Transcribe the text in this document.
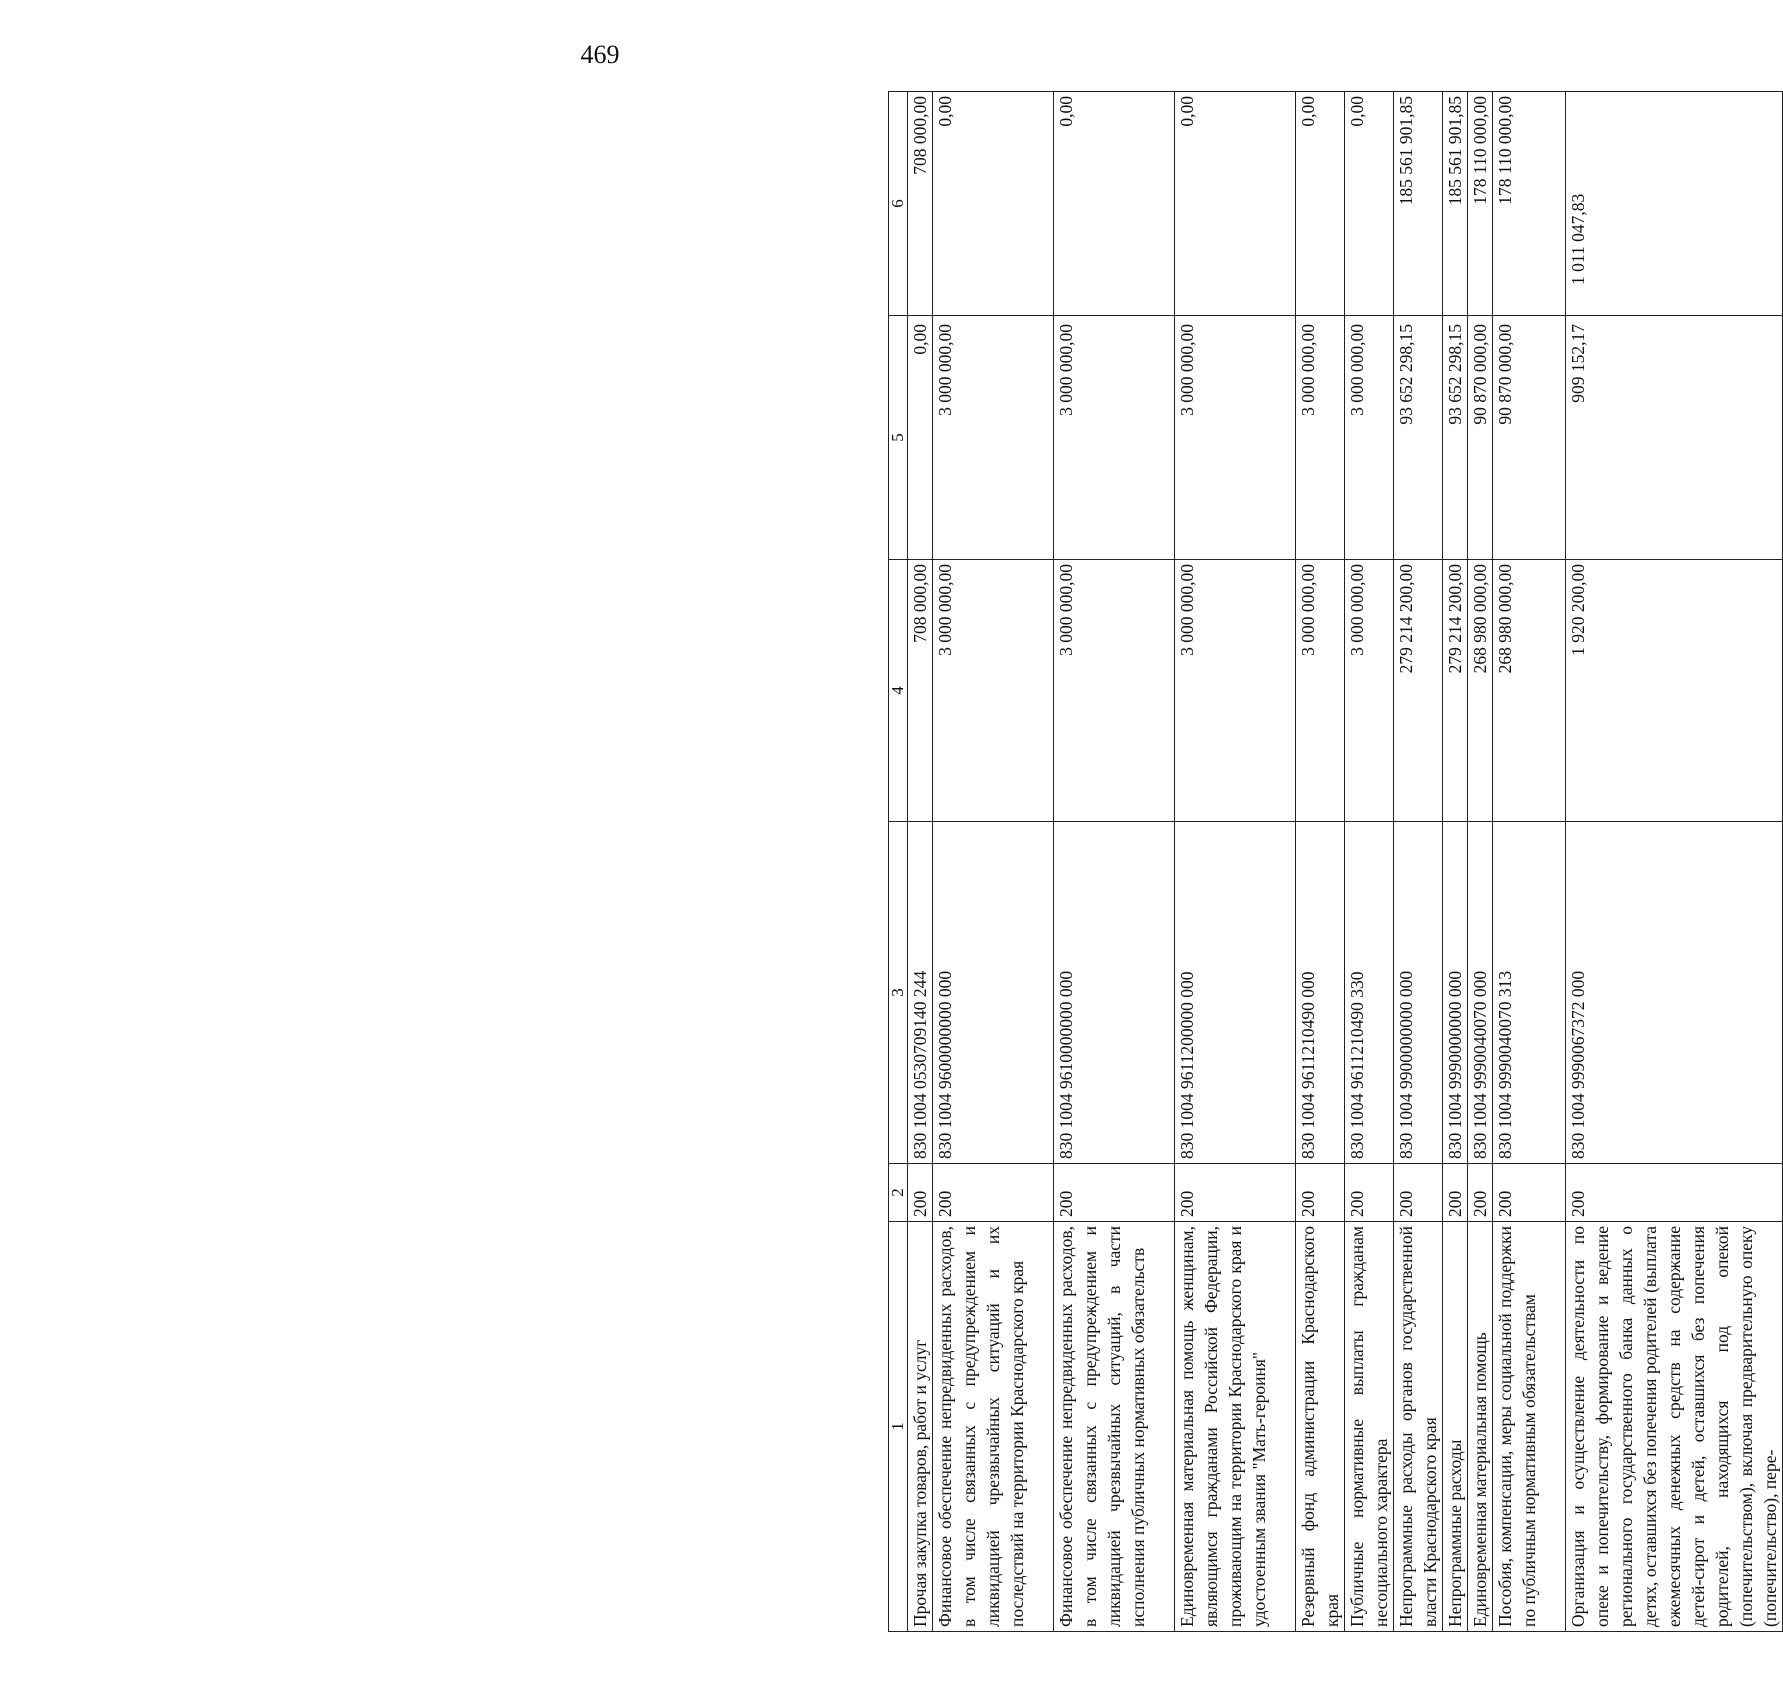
469
1	2	3	4	5	6
Прочая закупка товаров, работ и услуг	200	830 1004 0530709140 244	708 000,00	0,00	708 000,00
Финансовое обеспечение непредвиденных расходов, в том числе связанных с предупреждением и ликвидацией чрезвычайных ситуаций и их последствий на территории Краснодарского края	200	830 1004 9600000000 000	3 000 000,00	3 000 000,00	0,00
Финансовое обеспечение непредвиденных расходов, в том числе связанных с предупреждением и ликвидацией чрезвычайных ситуаций, в части исполнения публичных нормативных обязательств	200	830 1004 9610000000 000	3 000 000,00	3 000 000,00	0,00
Единовременная материальная помощь женщинам, являющимся гражданами Российской Федерации, проживающим на территории Краснодарского края и удостоенным звания "Мать-героиня"	200	830 1004 9611200000 000	3 000 000,00	3 000 000,00	0,00
Резервный фонд администрации Краснодарского края	200	830 1004 9611210490 000	3 000 000,00	3 000 000,00	0,00
Публичные нормативные выплаты гражданам несоциального характера	200	830 1004 9611210490 330	3 000 000,00	3 000 000,00	0,00
Непрограммные расходы органов государственной власти Краснодарского края	200	830 1004 9900000000 000	279 214 200,00	93 652 298,15	185 561 901,85
Непрограммные расходы	200	830 1004 9990000000 000	279 214 200,00	93 652 298,15	185 561 901,85
Единовременная материальная помощь	200	830 1004 9990040070 000	268 980 000,00	90 870 000,00	178 110 000,00
Пособия, компенсации, меры социальной поддержки по публичным нормативным обязательствам	200	830 1004 9990040070 313	268 980 000,00	90 870 000,00	178 110 000,00
Организация и осуществление деятельности по опеке и попечительству, формирование и ведение регионального государственного банка данных о детях, оставшихся без попечения родителей (выплата ежемесячных денежных средств на содержание детей-сирот и детей, оставшихся без попечения родителей, находящихся под опекой (попечительством), включая предварительную опеку (попечительство), пере-	200	830 1004 9990067372 000	1 920 200,00	909 152,17	1 011 047,83
